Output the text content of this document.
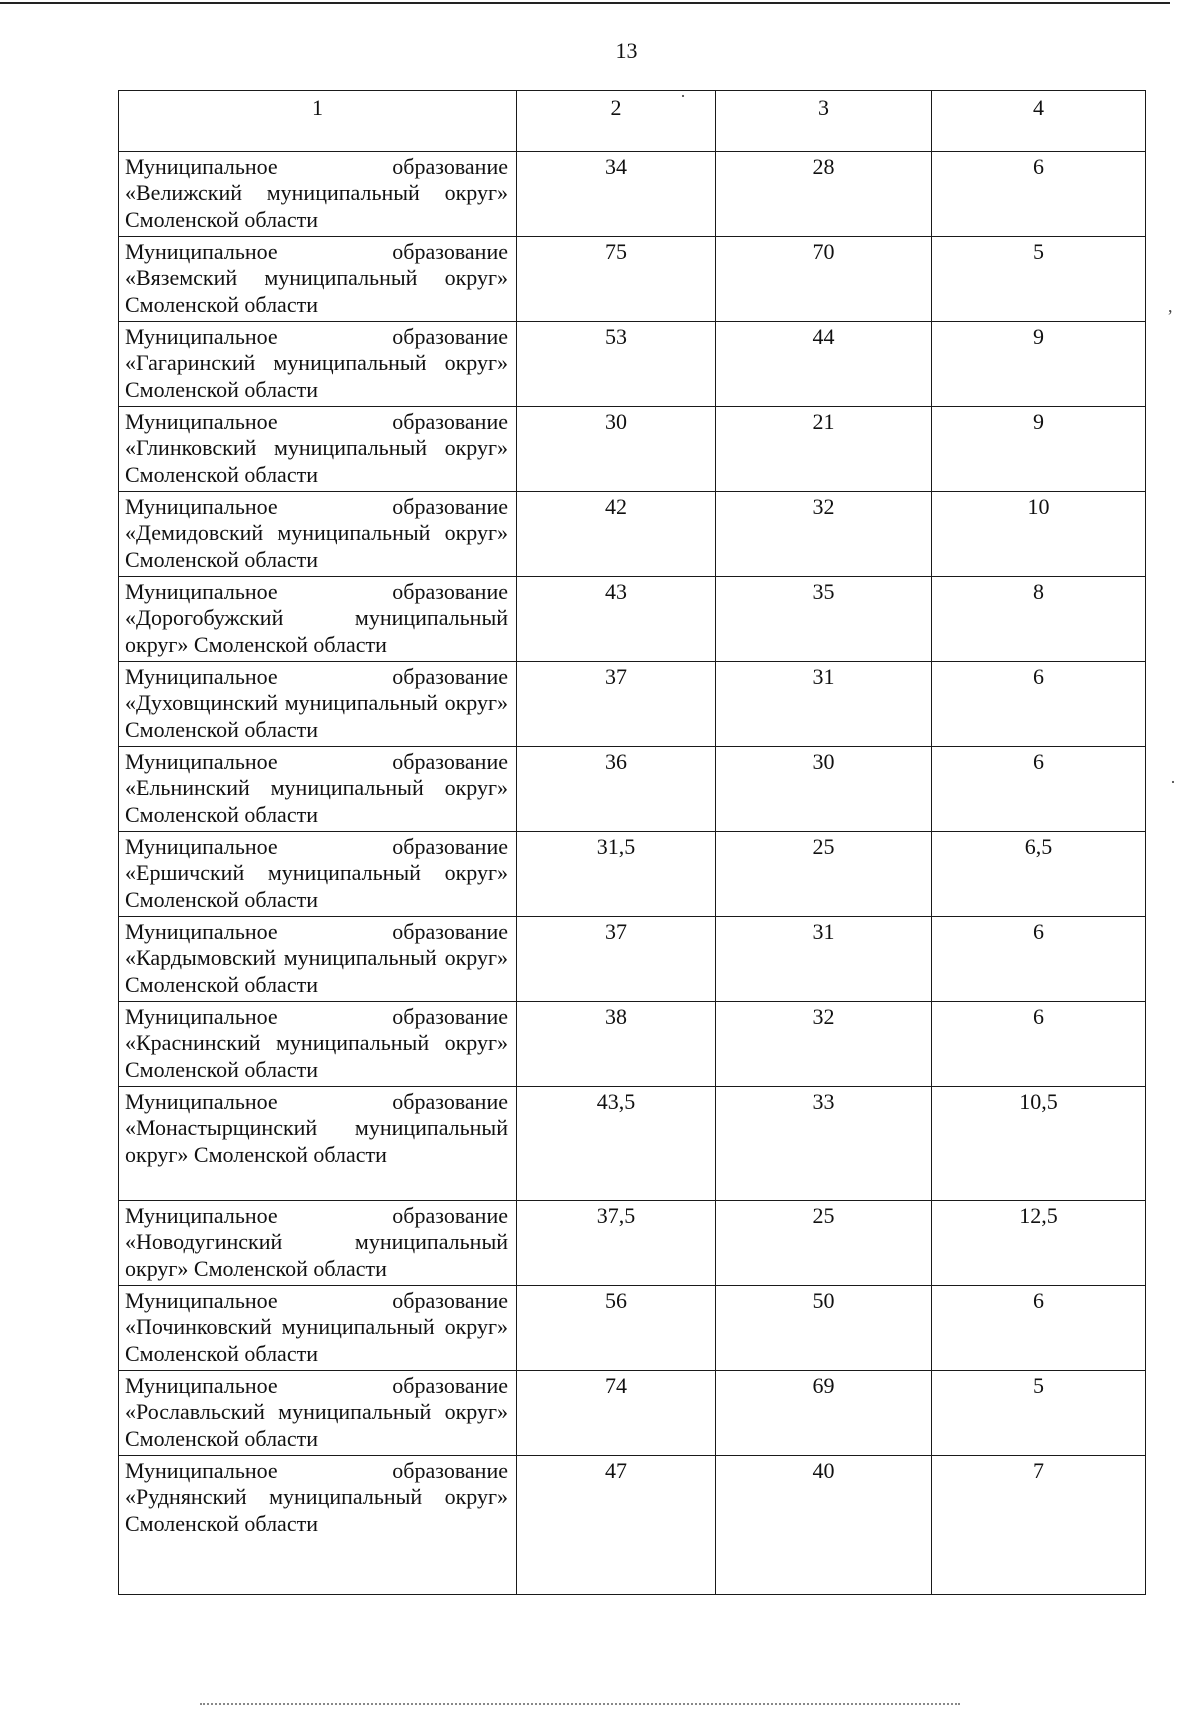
13
1	2	3	4
Муниципальное образование «Велижский муниципальный округ» Смоленской области	34	28	6
Муниципальное образование «Вяземский муниципальный округ» Смоленской области	75	70	5
Муниципальное образование «Гагаринский муниципальный округ» Смоленской области	53	44	9
Муниципальное образование «Глинковский муниципальный округ» Смоленской области	30	21	9
Муниципальное образование «Демидовский муниципальный округ» Смоленской области	42	32	10
Муниципальное образование «Дорогобужский муниципальный округ» Смоленской области	43	35	8
Муниципальное образование «Духовщинский муниципальный округ» Смоленской области	37	31	6
Муниципальное образование «Ельнинский муниципальный округ» Смоленской области	36	30	6
Муниципальное образование «Ершичский муниципальный округ» Смоленской области	31,5	25	6,5
Муниципальное образование «Кардымовский муниципальный округ» Смоленской области	37	31	6
Муниципальное образование «Краснинский муниципальный округ» Смоленской области	38	32	6
Муниципальное образование «Монастырщинский муниципальный округ» Смоленской области	43,5	33	10,5
Муниципальное образование «Новодугинский муниципальный округ» Смоленской области	37,5	25	12,5
Муниципальное образование «Починковский муниципальный округ» Смоленской области	56	50	6
Муниципальное образование «Рославльский муниципальный округ» Смоленской области	74	69	5
Муниципальное образование «Руднянский муниципальный округ» Смоленской области	47	40	7
,
·
·
